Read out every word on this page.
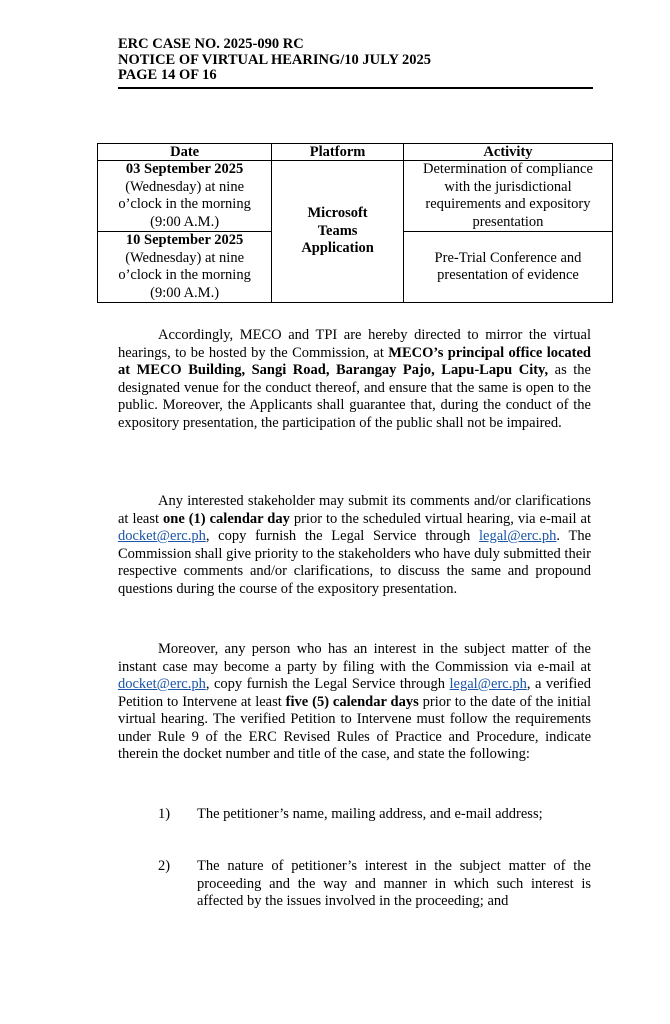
ERC CASE NO. 2025-090 RC
NOTICE OF VIRTUAL HEARING/10 JULY 2025
PAGE 14 OF 16
Date	Platform	Activity

03 September 2025
(Wednesday) at nine o’clock in the morning (9:00 A.M.)	Microsoft Teams Application	Determination of compliance with the jurisdictional requirements and expository presentation

10 September 2025
(Wednesday) at nine o’clock in the morning (9:00 A.M.)		Pre-Trial Conference and presentation of evidence

Accordingly, MECO and TPI are hereby directed to mirror the virtual hearings, to be hosted by the Commission, at MECO’s principal office located at MECO Building, Sangi Road, Barangay Pajo, Lapu-Lapu City, as the designated venue for the conduct thereof, and ensure that the same is open to the public. Moreover, the Applicants shall guarantee that, during the conduct of the expository presentation, the participation of the public shall not be impaired.

Any interested stakeholder may submit its comments and/or clarifications at least one (1) calendar day prior to the scheduled virtual hearing, via e-mail at docket@erc.ph, copy furnish the Legal Service through legal@erc.ph. The Commission shall give priority to the stakeholders who have duly submitted their respective comments and/or clarifications, to discuss the same and propound questions during the course of the expository presentation.

Moreover, any person who has an interest in the subject matter of the instant case may become a party by filing with the Commission via e-mail at docket@erc.ph, copy furnish the Legal Service through legal@erc.ph, a verified Petition to Intervene at least five (5) calendar days prior to the date of the initial virtual hearing. The verified Petition to Intervene must follow the requirements under Rule 9 of the ERC Revised Rules of Practice and Procedure, indicate therein the docket number and title of the case, and state the following:

1) The petitioner’s name, mailing address, and e-mail address;
2) The nature of petitioner’s interest in the subject matter of the proceeding and the way and manner in which such interest is affected by the issues involved in the proceeding; and
